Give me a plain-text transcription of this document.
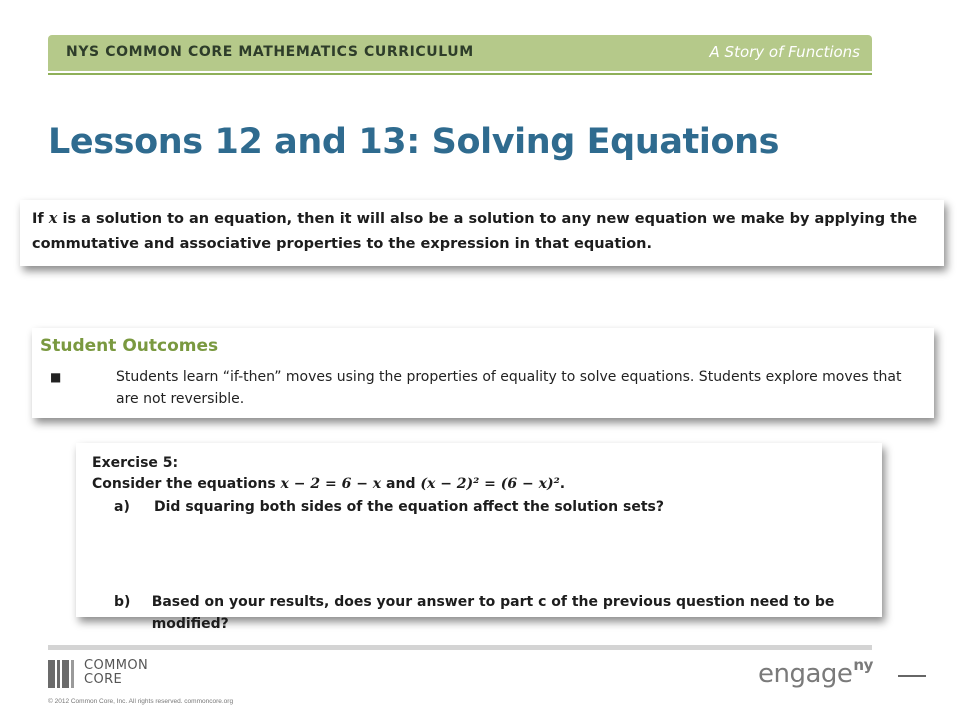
NYS COMMON CORE MATHEMATICS CURRICULUM	A Story of Functions
Lessons 12 and 13: Solving Equations
If x is a solution to an equation, then it will also be a solution to any new equation we make by applying the
commutative and associative properties to the expression in that equation.
Student Outcomes
■	Students learn “if-then” moves using the properties of equality to solve equations. Students explore moves that are not reversible.
Exercise 5:
Consider the equations x − 2 = 6 − x and (x − 2)² = (6 − x)².
a)	Did squaring both sides of the equation affect the solution sets?
b)	Based on your results, does your answer to part c of the previous question need to be modified?
COMMON
CORE
© 2012 Common Core, Inc. All rights reserved. commoncore.org
engage$^{ny}$
